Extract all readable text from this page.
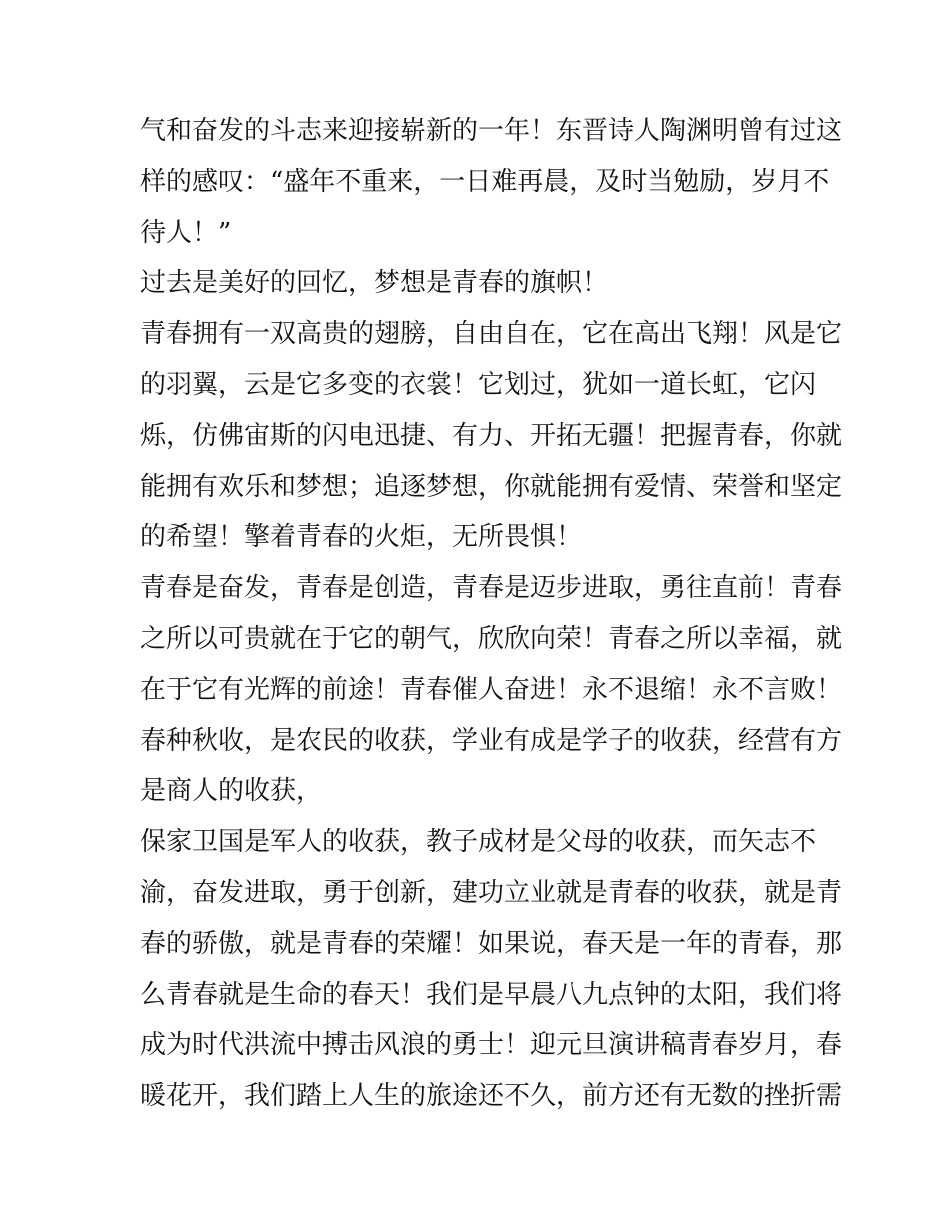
气和奋发的斗志来迎接崭新的一年！东晋诗人陶渊明曾有过这
样的感叹：“盛年不重来，一日难再晨，及时当勉励，岁月不
待人！”
过去是美好的回忆，梦想是青春的旗帜！
青春拥有一双高贵的翅膀，自由自在，它在高出飞翔！风是它
的羽翼，云是它多变的衣裳！它划过，犹如一道长虹，它闪
烁，仿佛宙斯的闪电迅捷、有力、开拓无疆！把握青春，你就
能拥有欢乐和梦想；追逐梦想，你就能拥有爱情、荣誉和坚定
的希望！擎着青春的火炬，无所畏惧！
青春是奋发，青春是创造，青春是迈步进取，勇往直前！青春
之所以可贵就在于它的朝气，欣欣向荣！青春之所以幸福，就
在于它有光辉的前途！青春催人奋进！永不退缩！永不言败！
春种秋收，是农民的收获，学业有成是学子的收获，经营有方
是商人的收获，
保家卫国是军人的收获，教子成材是父母的收获，而矢志不
渝，奋发进取，勇于创新，建功立业就是青春的收获，就是青
春的骄傲，就是青春的荣耀！如果说，春天是一年的青春，那
么青春就是生命的春天！我们是早晨八九点钟的太阳，我们将
成为时代洪流中搏击风浪的勇士！迎元旦演讲稿青春岁月，春
暖花开，我们踏上人生的旅途还不久，前方还有无数的挫折需
